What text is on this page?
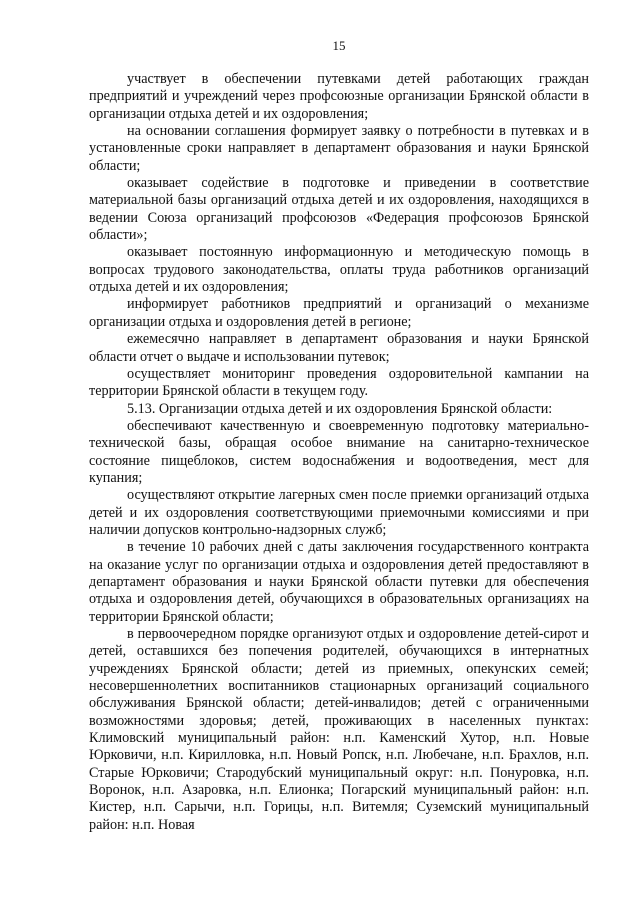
15

участвует в обеспечении путевками детей работающих граждан предприятий и учреждений через профсоюзные организации Брянской области в организации отдыха детей и их оздоровления;

на основании соглашения формирует заявку о потребности в путевках и в установленные сроки направляет в департамент образования и науки Брянской области;

оказывает содействие в подготовке и приведении в соответствие материальной базы организаций отдыха детей и их оздоровления, находящихся в ведении Союза организаций профсоюзов «Федерация профсоюзов Брянской области»;

оказывает постоянную информационную и методическую помощь в вопросах трудового законодательства, оплаты труда работников организаций отдыха детей и их оздоровления;

информирует работников предприятий и организаций о механизме организации отдыха и оздоровления детей в регионе;

ежемесячно направляет в департамент образования и науки Брянской области отчет о выдаче и использовании путевок;

осуществляет мониторинг проведения оздоровительной кампании на территории Брянской области в текущем году.

5.13. Организации отдыха детей и их оздоровления Брянской области:

обеспечивают качественную и своевременную подготовку материально-технической базы, обращая особое внимание на санитарно-техническое состояние пищеблоков, систем водоснабжения и водоотведения, мест для купания;

осуществляют открытие лагерных смен после приемки организаций отдыха детей и их оздоровления соответствующими приемочными комиссиями и при наличии допусков контрольно-надзорных служб;

в течение 10 рабочих дней с даты заключения государственного контракта на оказание услуг по организации отдыха и оздоровления детей предоставляют в департамент образования и науки Брянской области путевки для обеспечения отдыха и оздоровления детей, обучающихся в образовательных организациях на территории Брянской области;

в первоочередном порядке организуют отдых и оздоровление детей-сирот и детей, оставшихся без попечения родителей, обучающихся в интернатных учреждениях Брянской области; детей из приемных, опекунских семей; несовершеннолетних воспитанников стационарных организаций социального обслуживания Брянской области; детей-инвалидов; детей с ограниченными возможностями здоровья; детей, проживающих в населенных пунктах: Климовский муниципальный район: н.п. Каменский Хутор, н.п. Новые Юрковичи, н.п. Кирилловка, н.п. Новый Ропск, н.п. Любечане, н.п. Брахлов, н.п. Старые Юрковичи; Стародубский муниципальный округ: н.п. Понуровка, н.п. Воронок, н.п. Азаровка, н.п. Елионка; Погарский муниципальный район: н.п. Кистер, н.п. Сарычи, н.п. Горицы, н.п. Витемля; Суземский муниципальный район: н.п. Новая
